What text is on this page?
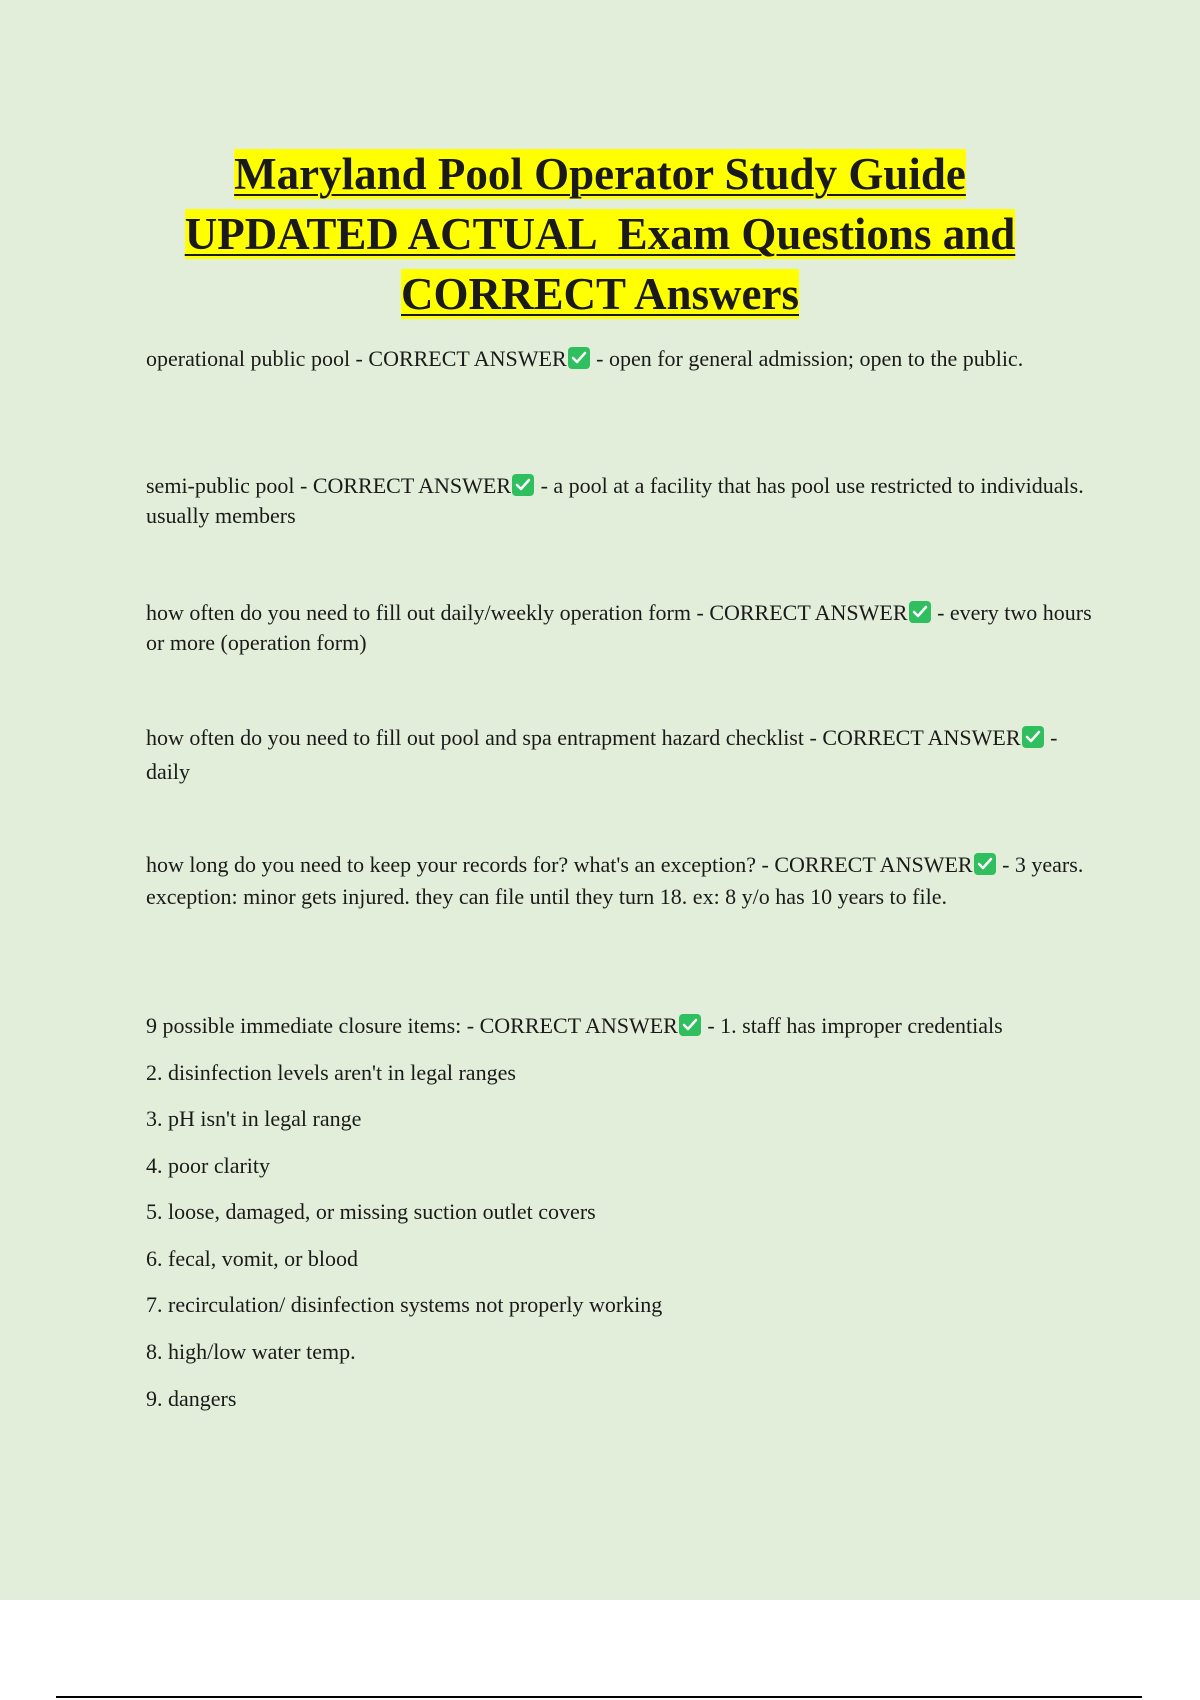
Maryland Pool Operator Study Guide
UPDATED ACTUAL  Exam Questions and
CORRECT Answers

operational public pool - CORRECT ANSWER
- open for general admission; open to the public.

semi-public pool - CORRECT ANSWER
- a pool at a facility that has pool use restricted to individuals. usually members

how often do you need to fill out daily/weekly operation form - CORRECT ANSWER
- every two hours or more (operation form)

how often do you need to fill out pool and spa entrapment hazard checklist - CORRECT ANSWER
- daily

how long do you need to keep your records for? what's an exception? - CORRECT ANSWER
- 3 years. exception: minor gets injured. they can file until they turn 18. ex: 8 y/o has 10 years to file.

9 possible immediate closure items: - CORRECT ANSWER
- 1. staff has improper credentials

2. disinfection levels aren't in legal ranges

3. pH isn't in legal range

4. poor clarity

5. loose, damaged, or missing suction outlet covers

6. fecal, vomit, or blood

7. recirculation/ disinfection systems not properly working

8. high/low water temp.

9. dangers
